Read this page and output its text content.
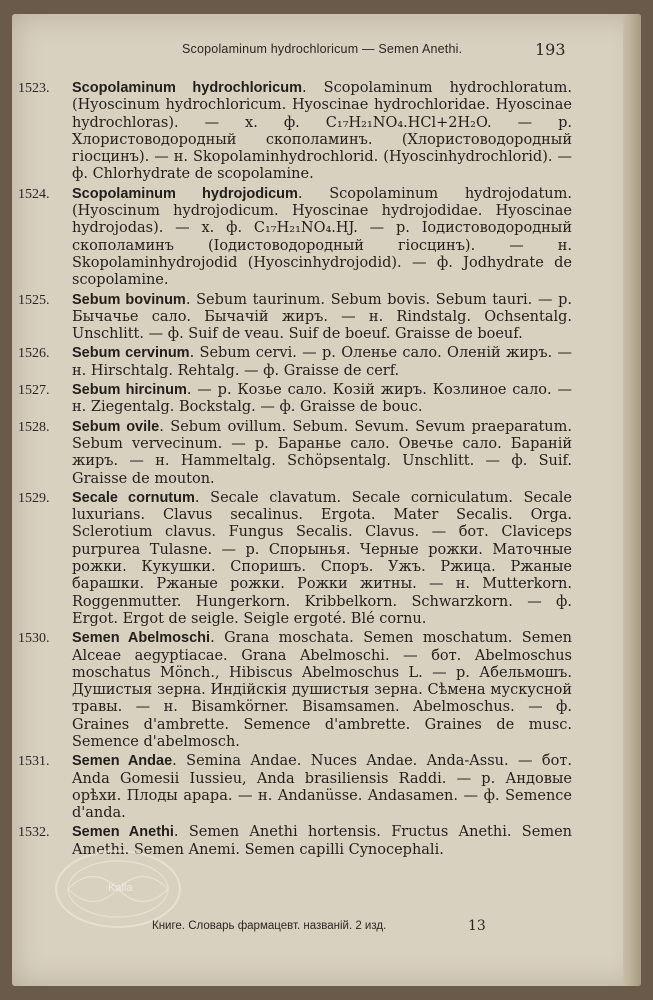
Scopolaminum hydrochloricum — Semen Anethi.	193
1523.	Scopolaminum hydrochloricum. Scopolaminum hydrochloratum. (Hyoscinum hydrochloricum. Hyoscinae hydrochloridae. Hyoscinae hydrochloras). — x. ф. C₁₇H₂₁NO₄.HCl+2H₂O. — р. Хлористоводородный скополаминъ. (Хлористоводородный гіосцинъ). — н. Skopolaminhydrochlorid. (Hyoscinhydrochlorid). — ф. Chlorhydrate de scopolamine.
1524.	Scopolaminum hydrojodicum. Scopolaminum hydrojodatum. (Hyoscinum hydrojodicum. Hyoscinae hydrojodidae. Hyoscinae hydrojodas). — x. ф. C₁₇H₂₁NO₄.HJ. — р. Іодистоводородный скополаминъ (Іодистоводородный гіосцинъ). — н. Skopolaminhydrojodid (Hyoscinhydrojodid). — ф. Jodhydrate de scopolamine.
1525.	Sebum bovinum. Sebum taurinum. Sebum bovis. Sebum tauri. — р. Бычачье сало. Бычачій жиръ. — н. Rindstalg. Ochsentalg. Unschlitt. — ф. Suif de veau. Suif de boeuf. Graisse de boeuf.
1526.	Sebum cervinum. Sebum cervi. — р. Оленье сало. Оленій жиръ. — н. Hirschtalg. Rehtalg. — ф. Graisse de cerf.
1527.	Sebum hircinum. — р. Козье сало. Козій жиръ. Козлиное сало. — н. Ziegentalg. Bockstalg. — ф. Graisse de bouc.
1528.	Sebum ovile. Sebum ovillum. Sebum. Sevum. Sevum praeparatum. Sebum vervecinum. — р. Баранье сало. Овечье сало. Бараній жиръ. — н. Hammeltalg. Schöpsentalg. Unschlitt. — ф. Suif. Graisse de mouton.
1529.	Secale cornutum. Secale clavatum. Secale corniculatum. Secale luxurians. Clavus secalinus. Ergota. Mater Secalis. Orga. Sclerotium clavus. Fungus Secalis. Clavus. — бот. Claviceps purpurea Tulasne. — р. Спорынья. Черные рожки. Маточные рожки. Кукушки. Споришъ. Споръ. Ужъ. Ржица. Ржаные барашки. Ржаные рожки. Рожки житны. — н. Mutterkorn. Roggenmutter. Hungerkorn. Kribbelkorn. Schwarzkorn. — ф. Ergot. Ergot de seigle. Seigle ergoté. Blé cornu.
1530.	Semen Abelmoschi. Grana moschata. Semen moschatum. Semen Alceae aegyptiacae. Grana Abelmoschi. — бот. Abelmoschus moschatus Mönch., Hibiscus Abelmoschus L. — р. Абельмошъ. Душистыя зерна. Индійскія душистыя зерна. Сѣмена мускусной травы. — н. Bisamkörner. Bisamsamen. Abelmoschus. — ф. Graines d'ambrette. Semence d'ambrette. Graines de musc. Semence d'abelmosch.
1531.	Semen Andae. Semina Andae. Nuces Andae. Anda-Assu. — бот. Anda Gomesii Iussieu, Anda brasiliensis Raddi. — р. Андовые орѣхи. Плоды арара. — н. Andanüsse. Andasamen. — ф. Semence d'anda.
1532.	Semen Anethi. Semen Anethi hortensis. Fructus Anethi. Semen Amethi. Semen Anemi. Semen capilli Cynocephali.
Kalla
Книге. Словарь фармацевт. названій. 2 изд.	13
